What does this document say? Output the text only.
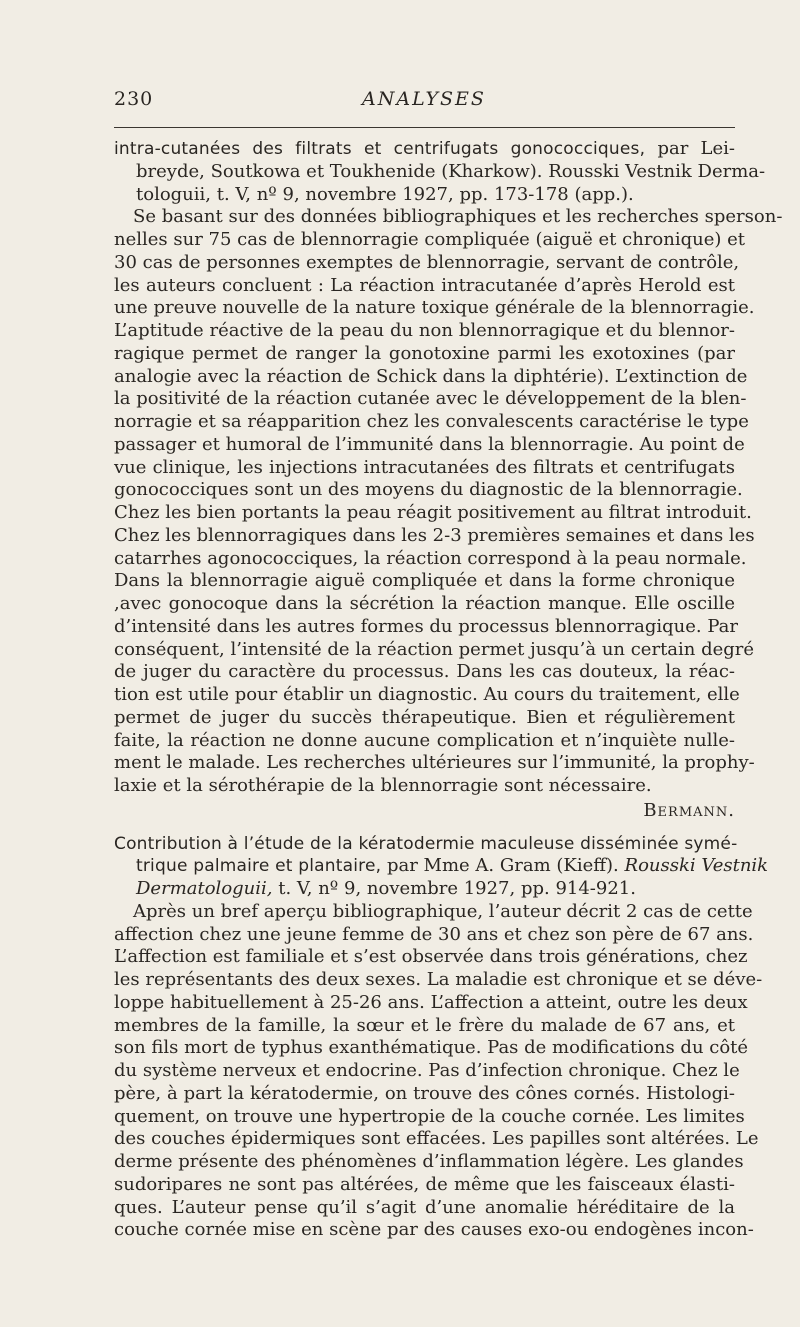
230	ANALYSES
intra-cutanées des filtrats et centrifugats gonococciques, par Lei-
breyde, Soutkowa et Toukhenide (Kharkow). Rousski Vestnik Derma-
tologuii, t. V, nº 9, novembre 1927, pp. 173-178 (app.).
Se basant sur des données bibliographiques et les recherches sperson-
nelles sur 75 cas de blennorragie compliquée (aiguë et chronique) et
30 cas de personnes exemptes de blennorragie, servant de contrôle,
les auteurs concluent : La réaction intracutanée d’après Herold est
une preuve nouvelle de la nature toxique générale de la blennorragie.
L’aptitude réactive de la peau du non blennorragique et du blennor-
ragique permet de ranger la gonotoxine parmi les exotoxines (par
analogie avec la réaction de Schick dans la diphtérie). L’extinction de
la positivité de la réaction cutanée avec le développement de la blen-
norragie et sa réapparition chez les convalescents caractérise le type
passager et humoral de l’immunité dans la blennorragie. Au point de
vue clinique, les injections intracutanées des filtrats et centrifugats
gonococciques sont un des moyens du diagnostic de la blennorragie.
Chez les bien portants la peau réagit positivement au filtrat introduit.
Chez les blennorragiques dans les 2-3 premières semaines et dans les
catarrhes agonococciques, la réaction correspond à la peau normale.
Dans la blennorragie aiguë compliquée et dans la forme chronique
,avec gonocoque dans la sécrétion la réaction manque. Elle oscille
d’intensité dans les autres formes du processus blennorragique. Par
conséquent, l’intensité de la réaction permet jusqu’à un certain degré
de juger du caractère du processus. Dans les cas douteux, la réac-
tion est utile pour établir un diagnostic. Au cours du traitement, elle
permet de juger du succès thérapeutique. Bien et régulièrement
faite, la réaction ne donne aucune complication et n’inquiète nulle-
ment le malade. Les recherches ultérieures sur l’immunité, la prophy-
laxie et la sérothérapie de la blennorragie sont nécessaire.
Bermann.
Contribution à l’étude de la kératodermie maculeuse disséminée symé-
trique palmaire et plantaire, par Mme A. Gram (Kieff). Rousski Vestnik
Dermatologuii, t. V, nº 9, novembre 1927, pp. 914-921.
Après un bref aperçu bibliographique, l’auteur décrit 2 cas de cette
affection chez une jeune femme de 30 ans et chez son père de 67 ans.
L’affection est familiale et s’est observée dans trois générations, chez
les représentants des deux sexes. La maladie est chronique et se déve-
loppe habituellement à 25-26 ans. L’affection a atteint, outre les deux
membres de la famille, la sœur et le frère du malade de 67 ans, et
son fils mort de typhus exanthématique. Pas de modifications du côté
du système nerveux et endocrine. Pas d’infection chronique. Chez le
père, à part la kératodermie, on trouve des cônes cornés. Histologi-
quement, on trouve une hypertropie de la couche cornée. Les limites
des couches épidermiques sont effacées. Les papilles sont altérées. Le
derme présente des phénomènes d’inflammation légère. Les glandes
sudoripares ne sont pas altérées, de même que les faisceaux élasti-
ques. L’auteur pense qu’il s’agit d’une anomalie héréditaire de la
couche cornée mise en scène par des causes exo-ou endogènes incon-
